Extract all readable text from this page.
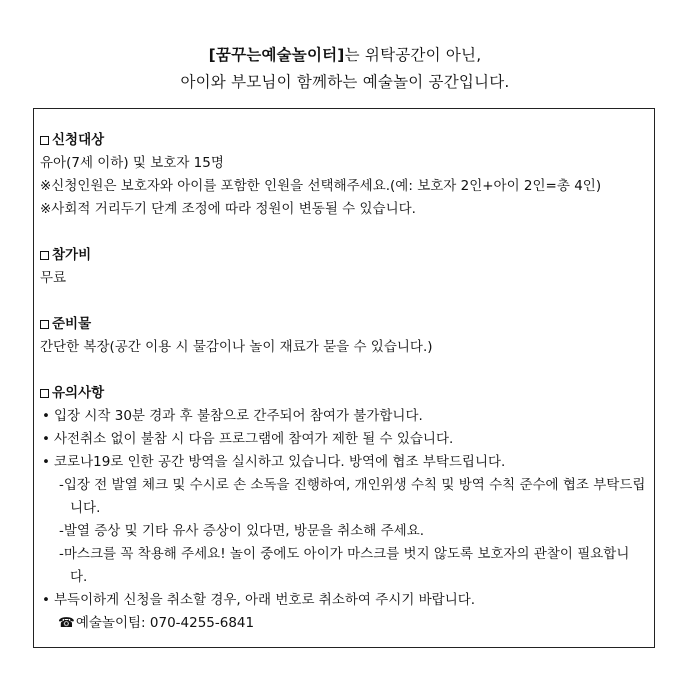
[꿈꾸는예술놀이터]는 위탁공간이 아닌,
아이와 부모님이 함께하는 예술놀이 공간입니다.
신청대상
유아(7세 이하) 및 보호자 15명
※신청인원은 보호자와 아이를 포함한 인원을 선택해주세요.(예: 보호자 2인+아이 2인=총 4인)
※사회적 거리두기 단계 조정에 따라 정원이 변동될 수 있습니다.
참가비
무료
준비물
간단한 복장(공간 이용 시 물감이나 놀이 재료가 묻을 수 있습니다.)
유의사항
• 입장 시작 30분 경과 후 불참으로 간주되어 참여가 불가합니다.
• 사전취소 없이 불참 시 다음 프로그램에 참여가 제한 될 수 있습니다.
• 코로나19로 인한 공간 방역을 실시하고 있습니다. 방역에 협조 부탁드립니다.
-입장 전 발열 체크 및 수시로 손 소독을 진행하여, 개인위생 수칙 및 방역 수칙 준수에 협조 부탁드립니다.
-발열 증상 및 기타 유사 증상이 있다면, 방문을 취소해 주세요.
-마스크를 꼭 착용해 주세요! 놀이 중에도 아이가 마스크를 벗지 않도록 보호자의 관찰이 필요합니다.
• 부득이하게 신청을 취소할 경우, 아래 번호로 취소하여 주시기 바랍니다.
☎예술놀이팀: 070-4255-6841
